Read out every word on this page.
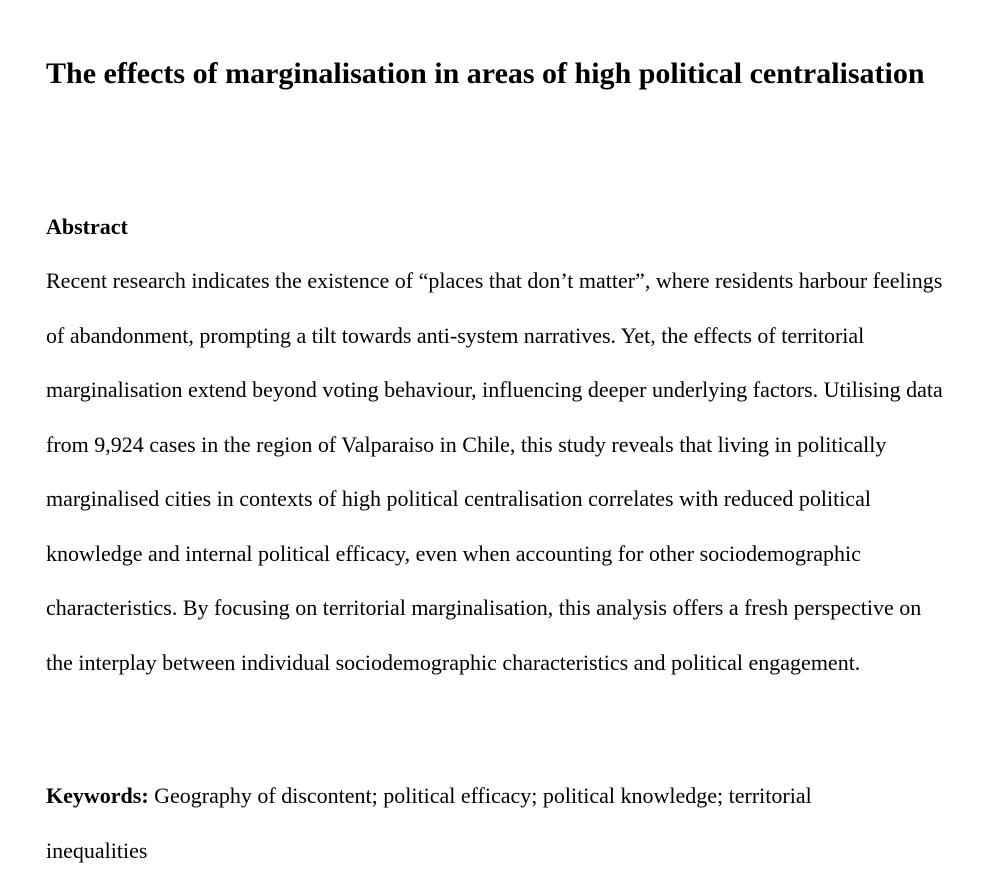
The effects of marginalisation in areas of high political centralisation
Abstract

Recent research indicates the existence of “places that don’t matter”, where residents harbour feelings of abandonment, prompting a tilt towards anti-system narratives. Yet, the effects of territorial marginalisation extend beyond voting behaviour, influencing deeper underlying factors. Utilising data from 9,924 cases in the region of Valparaiso in Chile, this study reveals that living in politically marginalised cities in contexts of high political centralisation correlates with reduced political knowledge and internal political efficacy, even when accounting for other sociodemographic characteristics. By focusing on territorial marginalisation, this analysis offers a fresh perspective on the interplay between individual sociodemographic characteristics and political engagement.

Keywords: Geography of discontent; political efficacy; political knowledge; territorial inequalities
